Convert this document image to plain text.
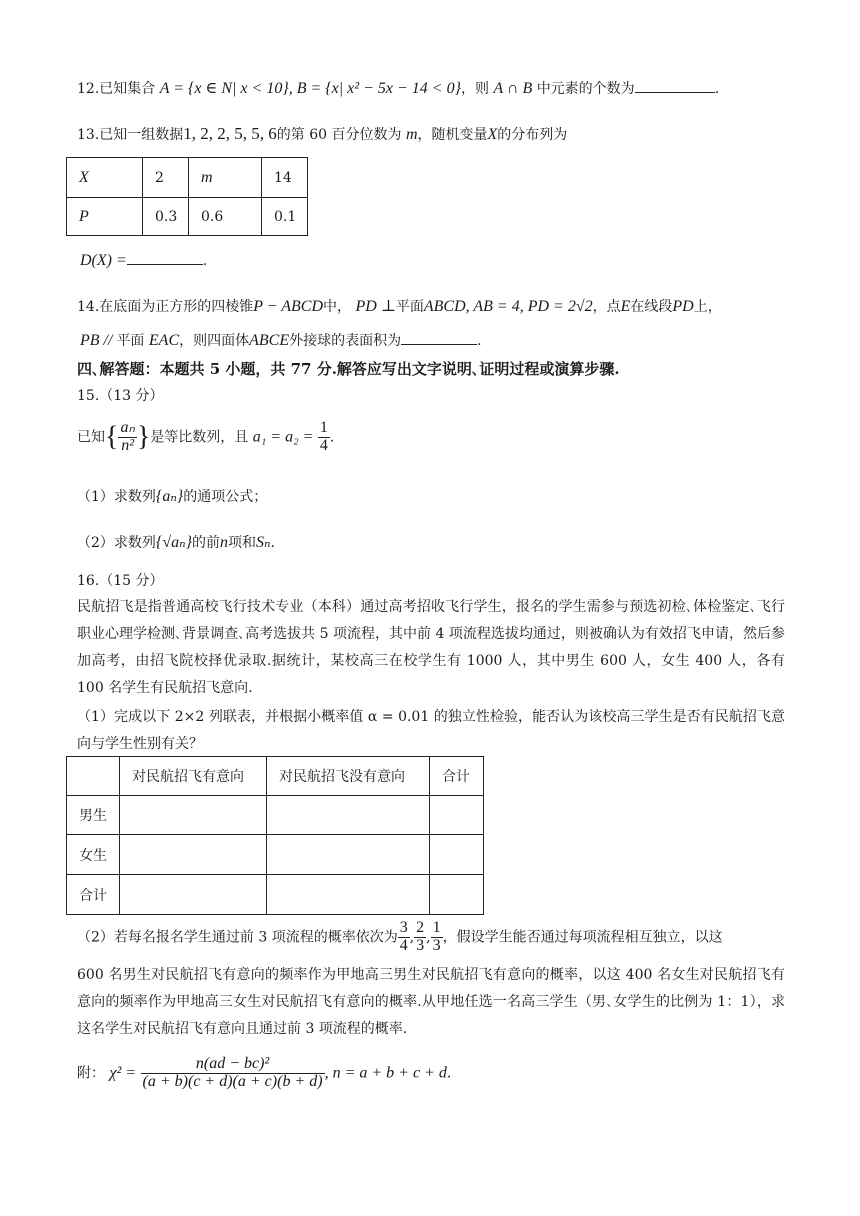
12.已知集合 A = {x ∈ N| x < 10}, B = {x| x² − 5x − 14 < 0}，则 A ∩ B 中元素的个数为	.
13.已知一组数据1, 2, 2, 5, 5, 6的第 60 百分位数为 m，随机变量X的分布列为
X	2	m	14
P	0.3	0.6	0.1
D(X) =	.
14.在底面为正方形的四棱锥P − ABCD中， PD ⊥平面ABCD, AB = 4, PD = 2√2，点E在线段PD上，
PB // 平面 EAC，则四面体ABCE外接球的表面积为	.
四､解答题：本题共 5 小题，共 77 分.解答应写出文字说明､证明过程或演算步骤.
15.（13 分）
已知{ $\frac{\text{aₙ}}{\text{n²}}$ }是等比数列，且 $a_1 = a_2 = \frac{1}{4}$ .
（1）求数列{aₙ}的通项公式；
（2）求数列{√aₙ}的前n项和Sₙ.
16.（15 分）
民航招飞是指普通高校飞行技术专业（本科）通过高考招收飞行学生，报名的学生需参与预选初检､体检鉴定､飞行职业心理学检测､背景调查､高考选拔共 5 项流程，其中前 4 项流程选拔均通过，则被确认为有效招飞申请，然后参加高考，由招飞院校择优录取.据统计，某校高三在校学生有 1000 人，其中男生 600 人，女生 400 人，各有 100 名学生有民航招飞意向.
（1）完成以下 2×2 列联表，并根据小概率值 α = 0.01 的独立性检验，能否认为该校高三学生是否有民航招飞意向与学生性别有关？
	对民航招飞有意向	对民航招飞没有意向	合计
男生			
女生			
合计			
（2）若每名报名学生通过前 3 项流程的概率依次为 $\frac{3}{4}$ , $\frac{2}{3}$ , $\frac{1}{3}$ ，假设学生能否通过每项流程相互独立，以这
600 名男生对民航招飞有意向的频率作为甲地高三男生对民航招飞有意向的概率，以这 400 名女生对民航招飞有意向的频率作为甲地高三女生对民航招飞有意向的概率.从甲地任选一名高三学生（男､女学生的比例为 1：1），求这名学生对民航招飞有意向且通过前 3 项流程的概率.
附： $\chi^2 = \frac{\text{n(ad − bc)²}}{(a + b)(c + d)(a + c)(b + d)}$ , n = a + b + c + d.
